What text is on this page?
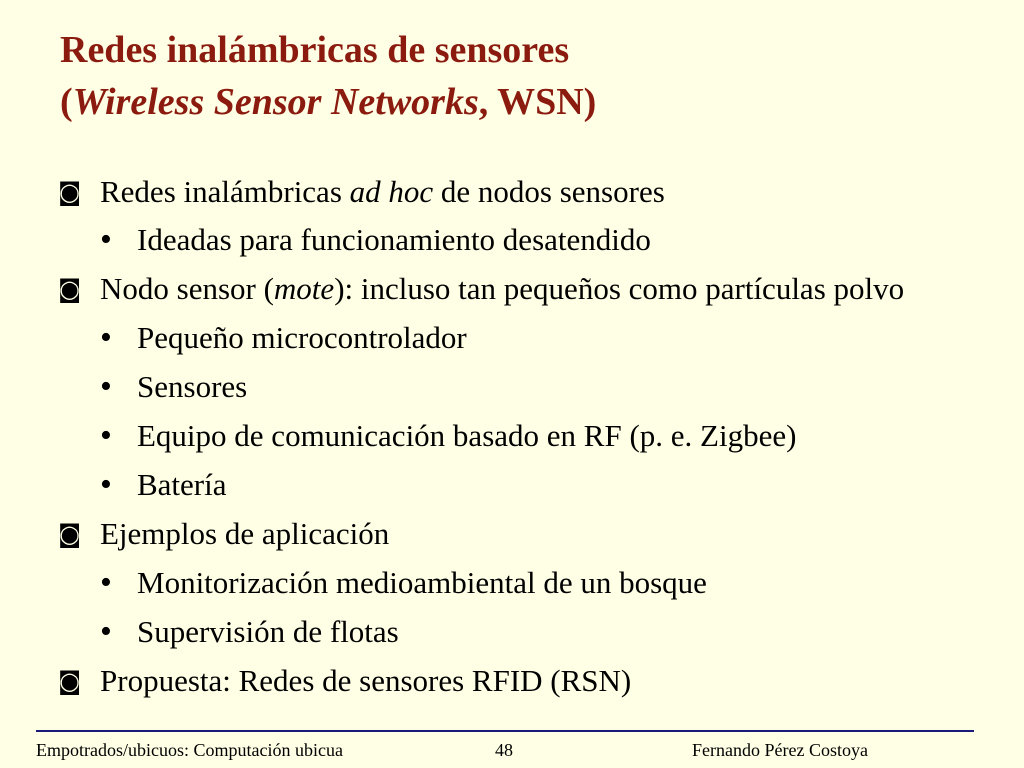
Redes inalámbricas de sensores
(Wireless Sensor Networks, WSN)
◙ Redes inalámbricas ad hoc de nodos sensores
• Ideadas para funcionamiento desatendido
◙ Nodo sensor (mote): incluso tan pequeños como partículas polvo
• Pequeño microcontrolador
• Sensores
• Equipo de comunicación basado en RF (p. e. Zigbee)
• Batería
◙ Ejemplos de aplicación
• Monitorización medioambiental de un bosque
• Supervisión de flotas
◙ Propuesta: Redes de sensores RFID (RSN)
Empotrados/ubicuos: Computación ubicua	48	Fernando Pérez Costoya
